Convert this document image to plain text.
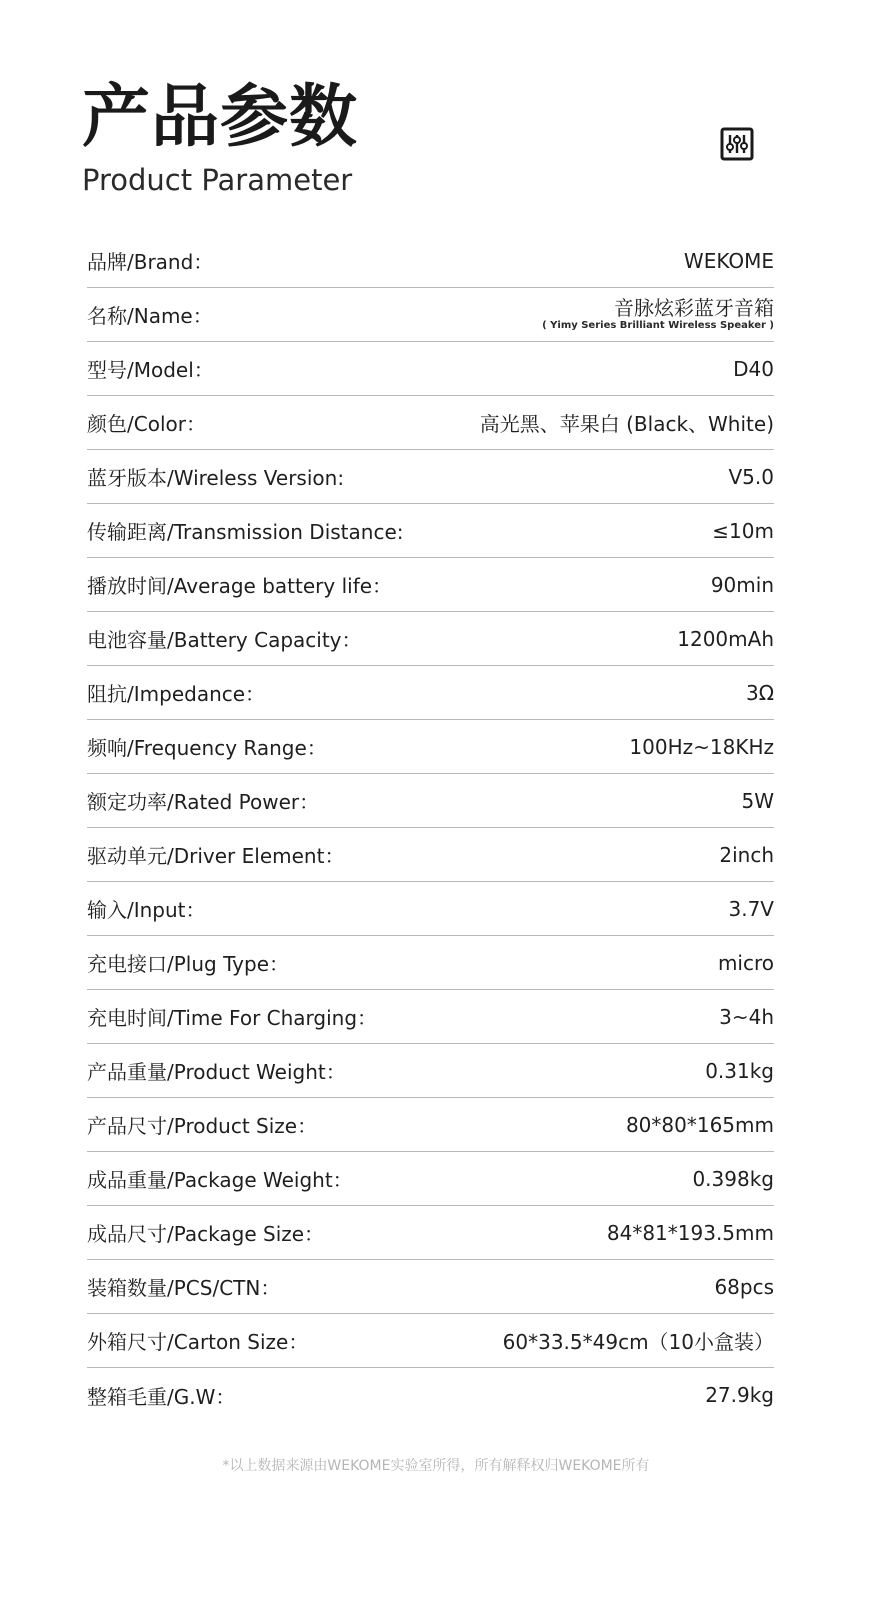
产品参数
Product Parameter
品牌/Brand：	WEKOME
名称/Name：	音脉炫彩蓝牙音箱
( Yimy Series Brilliant Wireless Speaker )
型号/Model：	D40
颜色/Color：	高光黑、苹果白 (Black、White)
蓝牙版本/Wireless Version:	V5.0
传输距离/Transmission Distance:	≤10m
播放时间/Average battery life：	90min
电池容量/Battery Capacity：	1200mAh
阻抗/Impedance：	3Ω
频响/Frequency Range：	100Hz~18KHz
额定功率/Rated Power：	5W
驱动单元/Driver Element：	2inch
输入/Input：	3.7V
充电接口/Plug Type：	micro
充电时间/Time For Charging：	3~4h
产品重量/Product Weight：	0.31kg
产品尺寸/Product Size：	80*80*165mm
成品重量/Package Weight：	0.398kg
成品尺寸/Package Size：	84*81*193.5mm
装箱数量/PCS/CTN：	68pcs
外箱尺寸/Carton Size：	60*33.5*49cm（10小盒装）
整箱毛重/G.W：	27.9kg
*以上数据来源由WEKOME实验室所得，所有解释权归WEKOME所有
